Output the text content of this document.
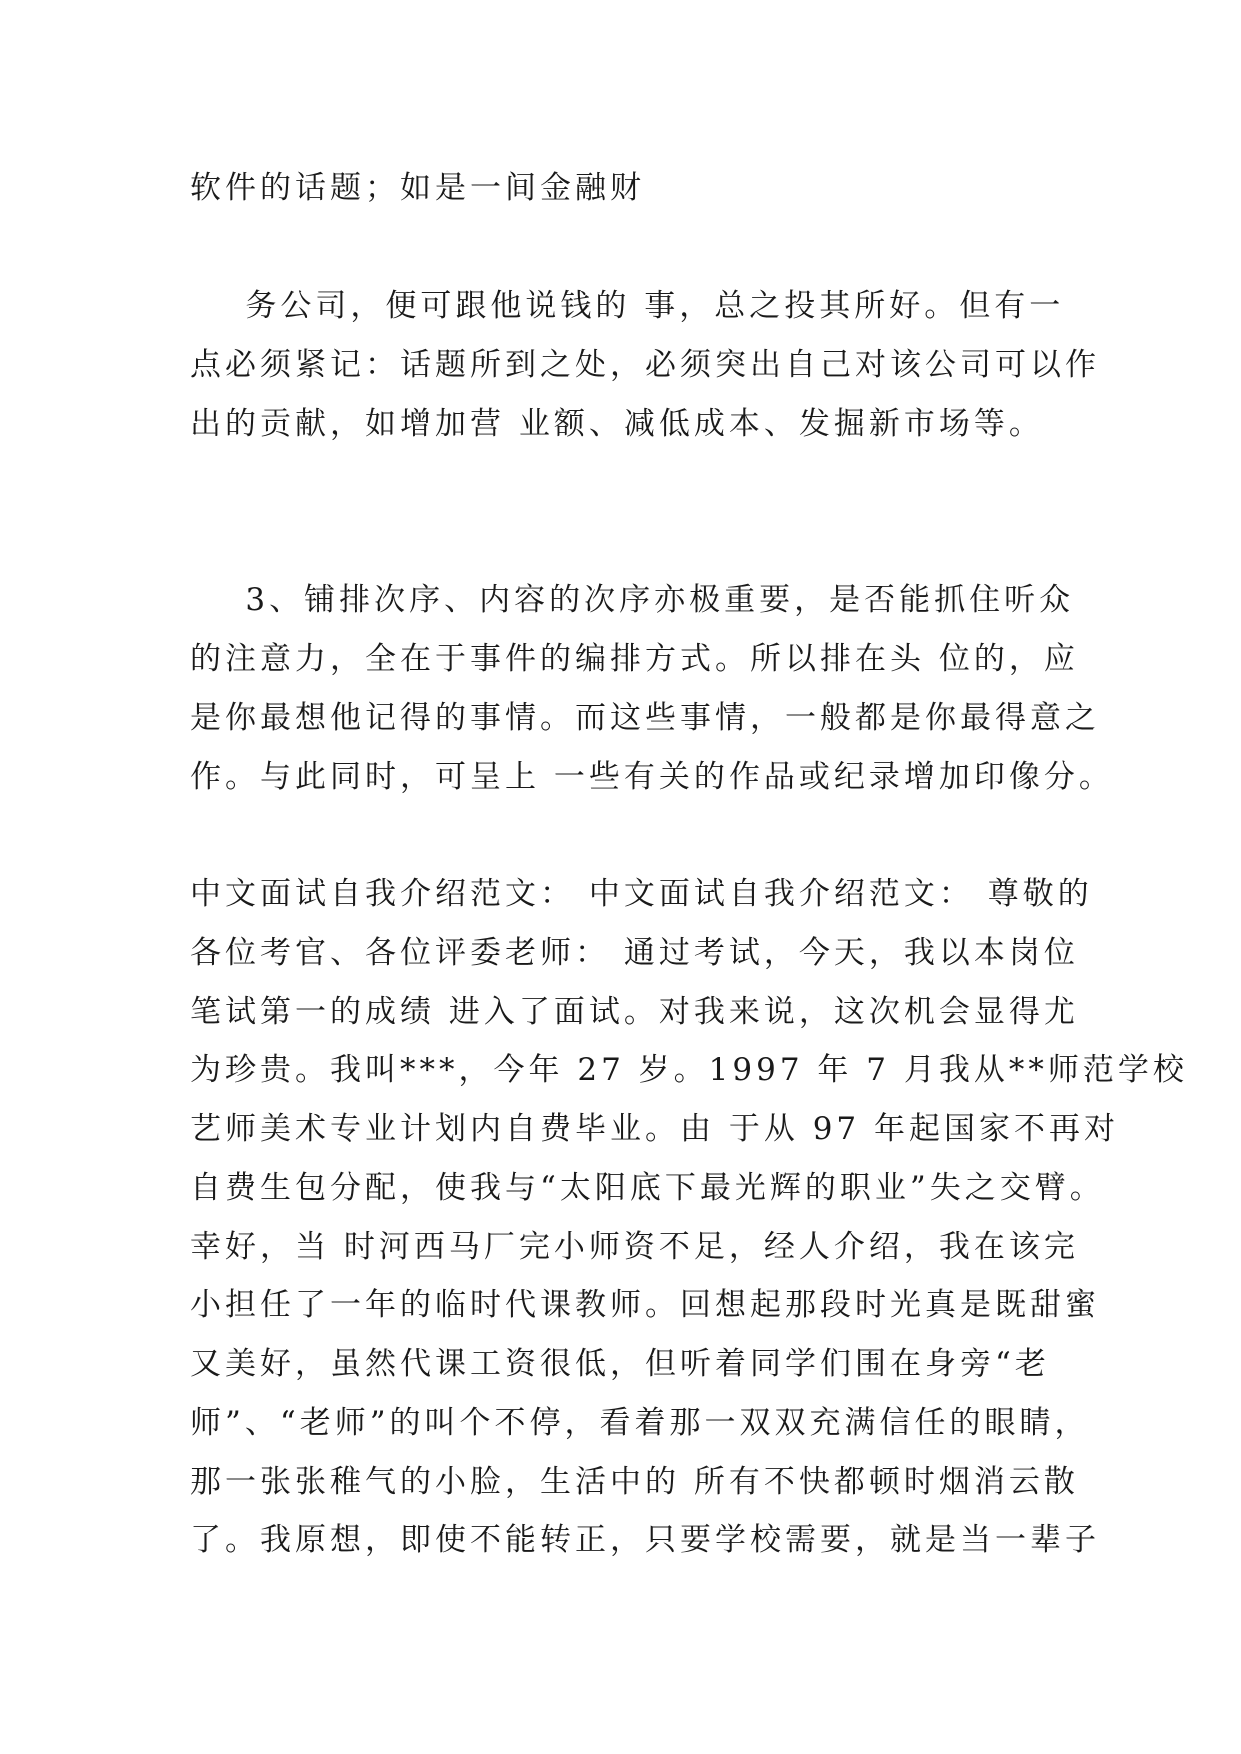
软件的话题；如是一间金融财
务公司，便可跟他说钱的 事，总之投其所好。但有一
点必须紧记：话题所到之处，必须突出自己对该公司可以作
出的贡献，如增加营 业额、减低成本、发掘新市场等。
3、铺排次序、内容的次序亦极重要，是否能抓住听众
的注意力，全在于事件的编排方式。所以排在头 位的，应
是你最想他记得的事情。而这些事情，一般都是你最得意之
作。与此同时，可呈上 一些有关的作品或纪录增加印像分。
中文面试自我介绍范文： 中文面试自我介绍范文： 尊敬的
各位考官、各位评委老师： 通过考试，今天，我以本岗位
笔试第一的成绩 进入了面试。对我来说，这次机会显得尤
为珍贵。我叫***，今年 27 岁。1997 年 7 月我从**师范学校
艺师美术专业计划内自费毕业。由 于从 97 年起国家不再对
自费生包分配，使我与“太阳底下最光辉的职业”失之交臂。
幸好，当 时河西马厂完小师资不足，经人介绍，我在该完
小担任了一年的临时代课教师。回想起那段时光真是既甜蜜
又美好，虽然代课工资很低，但听着同学们围在身旁“老
师”、“老师”的叫个不停，看着那一双双充满信任的眼睛，
那一张张稚气的小脸，生活中的 所有不快都顿时烟消云散
了。我原想，即使不能转正，只要学校需要，就是当一辈子
